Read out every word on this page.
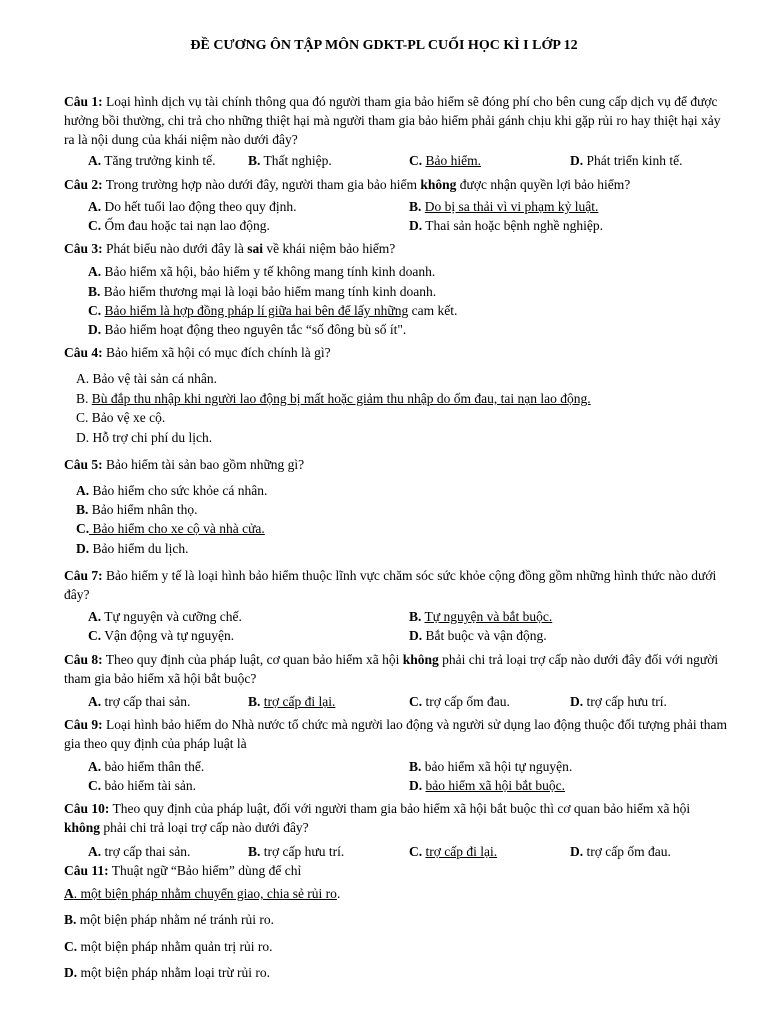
ĐỀ CƯƠNG ÔN TẬP MÔN GDKT-PL CUỐI HỌC KÌ I LỚP 12
Câu 1: Loại hình dịch vụ tài chính thông qua đó người tham gia bảo hiểm sẽ đóng phí cho bên cung cấp dịch vụ để được hưởng bồi thường, chi trả cho những thiệt hại mà người tham gia bảo hiểm phải gánh chịu khi gặp rủi ro hay thiệt hại xảy ra là nội dung của khái niệm nào dưới đây?
A. Tăng trưởng kinh tế. B. Thất nghiệp.	C. Bảo hiểm.	D. Phát triển kinh tế.
Câu 2: Trong trường hợp nào dưới đây, người tham gia bảo hiểm không được nhận quyền lợi bảo hiểm?
A. Do hết tuổi lao động theo quy định.	B. Do bị sa thải vì vi phạm kỷ luật.
C. Ốm đau hoặc tai nạn lao động.	D. Thai sản hoặc bệnh nghề nghiệp.
Câu 3: Phát biểu nào dưới đây là sai về khái niệm bảo hiểm?
A. Bảo hiểm xã hội, bảo hiểm y tế không mang tính kinh doanh.
B. Bảo hiểm thương mại là loại bảo hiểm mang tính kinh doanh.
C. Bảo hiểm là hợp đồng pháp lí giữa hai bên để lấy những cam kết.
D. Bảo hiểm hoạt động theo nguyên tắc “số đông bù số ít".
Câu 4: Bảo hiểm xã hội có mục đích chính là gì?
A. Bảo vệ tài sản cá nhân.
B. Bù đắp thu nhập khi người lao động bị mất hoặc giảm thu nhập do ốm đau, tai nạn lao động.
C. Bảo vệ xe cộ.
D. Hỗ trợ chi phí du lịch.
Câu 5: Bảo hiểm tài sản bao gồm những gì?
A. Bảo hiểm cho sức khỏe cá nhân.
B. Bảo hiểm nhân thọ.
C. Bảo hiểm cho xe cộ và nhà cửa.
D. Bảo hiểm du lịch.
Câu 7: Bảo hiểm y tế là loại hình bảo hiểm thuộc lĩnh vực chăm sóc sức khỏe cộng đồng gồm những hình thức nào dưới đây?
A. Tự nguyện và cưỡng chế.	B. Tự nguyện và bắt buộc.
C. Vận động và tự nguyện.	D. Bắt buộc và vận động.
Câu 8: Theo quy định của pháp luật, cơ quan bảo hiểm xã hội không phải chi trả loại trợ cấp nào dưới đây đối với người tham gia bảo hiểm xã hội bắt buộc?
A. trợ cấp thai sản.	B. trợ cấp đi lại.	C. trợ cấp ốm đau.	D. trợ cấp hưu trí.
Câu 9: Loại hình bảo hiểm do Nhà nước tổ chức mà người lao động và người sử dụng lao động thuộc đối tượng phải tham gia theo quy định của pháp luật là
A. bảo hiểm thân thể.	B. bảo hiểm xã hội tự nguyện.
C. bảo hiểm tài sản.	D. bảo hiểm xã hội bắt buộc.
Câu 10: Theo quy định của pháp luật, đối với người tham gia bảo hiểm xã hội bắt buộc thì cơ quan bảo hiểm xã hội không phải chi trả loại trợ cấp nào dưới đây?
A. trợ cấp thai sản.	B. trợ cấp hưu trí.	C. trợ cấp đi lại.	D. trợ cấp ốm đau.
Câu 11: Thuật ngữ “Bảo hiểm” dùng để chỉ
A. một biện pháp nhằm chuyển giao, chia sẻ rủi ro.
B. một biện pháp nhằm né tránh rủi ro.
C. một biện pháp nhằm quản trị rủi ro.
D. một biện pháp nhằm loại trừ rủi ro.
